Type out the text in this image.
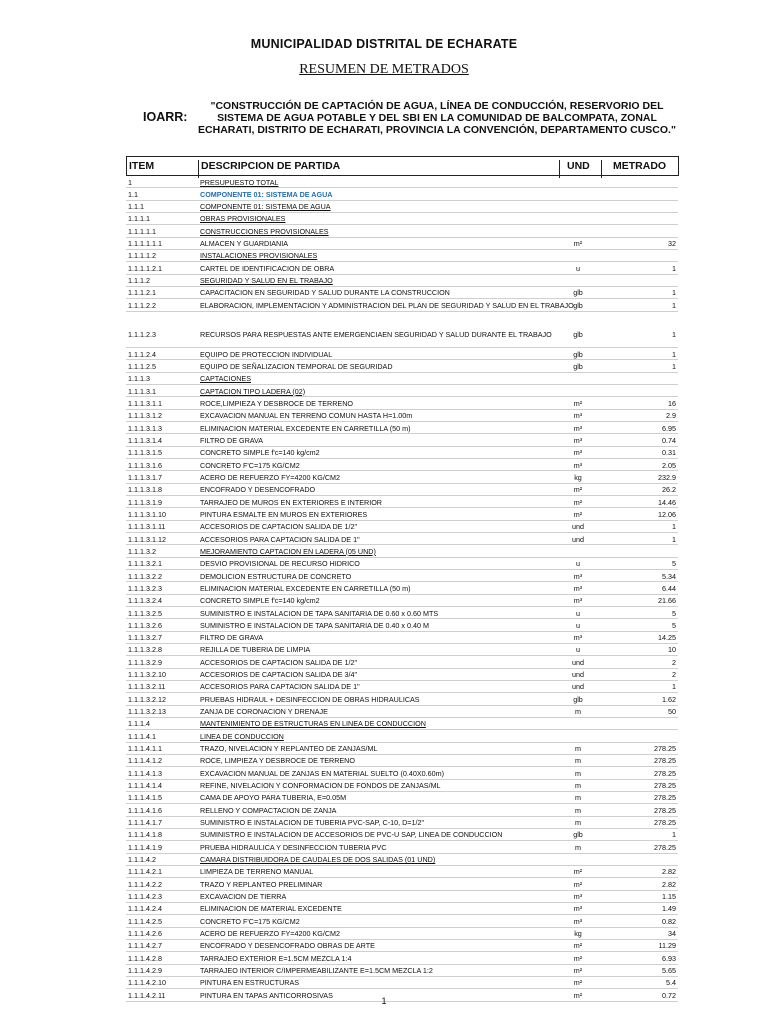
MUNICIPALIDAD DISTRITAL DE ECHARATE
RESUMEN DE METRADOS
IOARR:
"CONSTRUCCIÓN DE CAPTACIÓN DE AGUA, LÍNEA DE CONDUCCIÓN, RESERVORIO DEL SISTEMA DE AGUA POTABLE Y DEL SBI EN LA COMUNIDAD DE BALCOMPATA, ZONAL ECHARATI, DISTRITO DE ECHARATI, PROVINCIA LA CONVENCIÓN, DEPARTAMENTO CUSCO."
ITEM	DESCRIPCION DE PARTIDA	UND METRADO
1	PRESUPUESTO TOTAL
1.1	COMPONENTE 01: SISTEMA DE AGUA
1.1.1	COMPONENTE 01: SISTEMA DE AGUA
1.1.1.1	OBRAS PROVISIONALES
1.1.1.1.1	CONSTRUCCIONES PROVISIONALES
1.1.1.1.1.1	ALMACEN Y GUARDIANIA	m²	32
1.1.1.1.2	INSTALACIONES PROVISIONALES
1.1.1.1.2.1	CARTEL DE IDENTIFICACION DE OBRA	u	1
1.1.1.2	SEGURIDAD Y SALUD EN EL TRABAJO
1.1.1.2.1	CAPACITACION EN SEGURIDAD Y SALUD DURANTE LA CONSTRUCCION	glb	1
1.1.1.2.2	ELABORACION, IMPLEMENTACION Y ADMINISTRACION DEL PLAN DE SEGURIDAD Y SALUD EN EL TRABAJO glb	1
1.1.1.2.3	RECURSOS PARA RESPUESTAS ANTE EMERGENCIAEN SEGURIDAD Y SALUD DURANTE EL TRABAJO	glb	1
1.1.1.2.4	EQUIPO DE PROTECCION INDIVIDUAL	glb	1
1.1.1.2.5	EQUIPO DE SEÑALIZACION TEMPORAL DE SEGURIDAD	glb	1
1.1.1.3	CAPTACIONES
1.1.1.3.1	CAPTACION TIPO LADERA (02)
1.1.1.3.1.1	ROCE,LIMPIEZA Y DESBROCE DE TERRENO	m²	16
1.1.1.3.1.2	EXCAVACION MANUAL EN TERRENO COMUN HASTA H=1.00m	m³	2.9
1.1.1.3.1.3	ELIMINACION MATERIAL EXCEDENTE EN CARRETILLA (50 m)	m³	6.95
1.1.1.3.1.4	FILTRO DE GRAVA	m³	0.74
1.1.1.3.1.5	CONCRETO SIMPLE f'c=140 kg/cm2	m³	0.31
1.1.1.3.1.6	CONCRETO F'C=175 KG/CM2	m³	2.05
1.1.1.3.1.7	ACERO DE REFUERZO FY=4200 KG/CM2	kg	232.9
1.1.1.3.1.8	ENCOFRADO Y DESENCOFRADO	m²	26.2
1.1.1.3.1.9	TARRAJEO DE MUROS EN EXTERIORES E INTERIOR	m²	14.46
1.1.1.3.1.10	PINTURA ESMALTE EN MUROS EN EXTERIORES	m²	12.06
1.1.1.3.1.11	ACCESORIOS DE CAPTACION SALIDA DE 1/2"	und	1
1.1.1.3.1.12	ACCESORIOS PARA CAPTACION SALIDA DE 1"	und	1
1.1.1.3.2	MEJORAMIENTO CAPTACION EN LADERA (05 UND)
1.1.1.3.2.1	DESVIO PROVISIONAL DE RECURSO HIDRICO	u	5
1.1.1.3.2.2	DEMOLICION ESTRUCTURA DE CONCRETO	m³	5.34
1.1.1.3.2.3	ELIMINACION MATERIAL EXCEDENTE EN CARRETILLA (50 m)	m³	6.44
1.1.1.3.2.4	CONCRETO SIMPLE f'c=140 kg/cm2	m³	21.66
1.1.1.3.2.5	SUMINISTRO E INSTALACION DE TAPA SANITARIA DE 0.60 x 0.60 MTS	u	5
1.1.1.3.2.6	SUMINISTRO E INSTALACION DE TAPA SANITARIA DE 0.40 x 0.40 M	u	5
1.1.1.3.2.7	FILTRO DE GRAVA	m³	14.25
1.1.1.3.2.8	REJILLA DE TUBERIA DE LIMPIA	u	10
1.1.1.3.2.9	ACCESORIOS DE CAPTACION SALIDA DE 1/2"	und	2
1.1.1.3.2.10	ACCESORIOS DE CAPTACION SALIDA DE 3/4"	und	2
1.1.1.3.2.11	ACCESORIOS PARA CAPTACION SALIDA DE 1"	und	1
1.1.1.3.2.12	PRUEBAS HIDRAUL + DESINFECCION DE OBRAS HIDRAULICAS	glb	1.62
1.1.1.3.2.13	ZANJA DE CORONACION Y DRENAJE	m	50
1.1.1.4	MANTENIMIENTO DE ESTRUCTURAS EN LINEA DE CONDUCCION
1.1.1.4.1	LINEA DE CONDUCCION
1.1.1.4.1.1	TRAZO, NIVELACION Y REPLANTEO DE ZANJAS/ML	m	278.25
1.1.1.4.1.2	ROCE, LIMPIEZA Y DESBROCE DE TERRENO	m	278.25
1.1.1.4.1.3	EXCAVACION MANUAL DE ZANJAS EN MATERIAL SUELTO (0.40X0.60m)	m	278.25
1.1.1.4.1.4	REFINE, NIVELACION Y CONFORMACION DE FONDOS DE ZANJAS/ML	m	278.25
1.1.1.4.1.5	CAMA DE APOYO PARA TUBERIA, E=0.05M	m	278.25
1.1.1.4.1.6	RELLENO Y COMPACTACION DE ZANJA	m	278.25
1.1.1.4.1.7	SUMINISTRO E INSTALACION DE TUBERIA PVC-SAP, C-10, D=1/2"	m	278.25
1.1.1.4.1.8	SUMINISTRO E INSTALACION DE ACCESORIOS DE PVC-U SAP, LINEA DE CONDUCCION	glb	1
1.1.1.4.1.9	PRUEBA HIDRAULICA Y DESINFECCION TUBERIA PVC	m	278.25
1.1.1.4.2	CAMARA DISTRIBUIDORA DE CAUDALES DE DOS SALIDAS (01 UND)
1.1.1.4.2.1	LIMPIEZA DE TERRENO MANUAL	m²	2.82
1.1.1.4.2.2	TRAZO Y REPLANTEO PRELIMINAR	m²	2.82
1.1.1.4.2.3	EXCAVACION DE TIERRA	m³	1.15
1.1.1.4.2.4	ELIMINACION DE MATERIAL EXCEDENTE	m³	1.49
1.1.1.4.2.5	CONCRETO F'C=175 KG/CM2	m³	0.82
1.1.1.4.2.6	ACERO DE REFUERZO FY=4200 KG/CM2	kg	34
1.1.1.4.2.7	ENCOFRADO Y DESENCOFRADO OBRAS DE ARTE	m²	11.29
1.1.1.4.2.8	TARRAJEO EXTERIOR E=1.5CM MEZCLA 1:4	m²	6.93
1.1.1.4.2.9	TARRAJEO INTERIOR C/IMPERMEABILIZANTE E=1.5CM MEZCLA 1:2	m²	5.65
1.1.1.4.2.10	PINTURA EN ESTRUCTURAS	m²	5.4
1.1.1.4.2.11	PINTURA EN TAPAS ANTICORROSIVAS	m²	0.72
1
